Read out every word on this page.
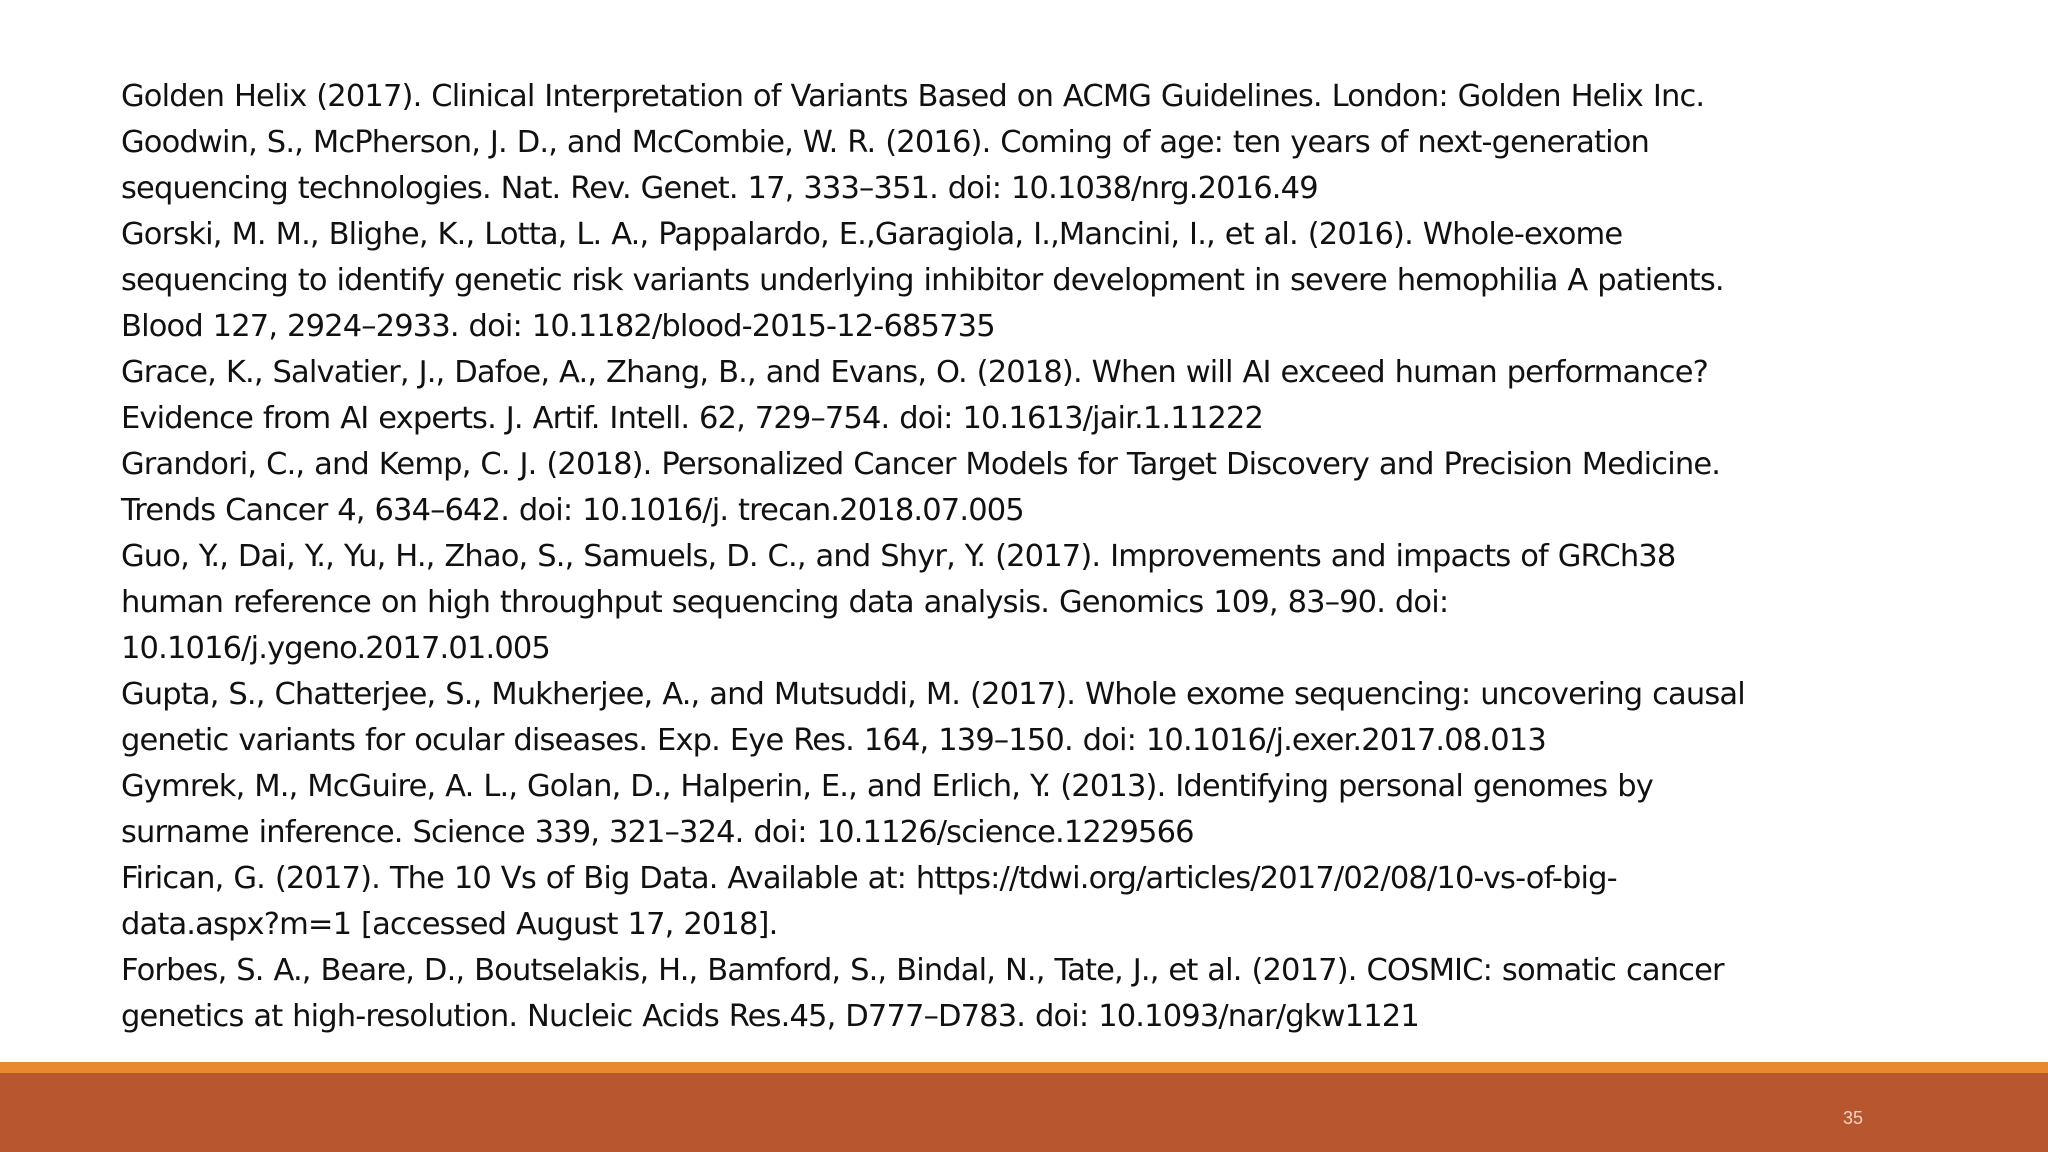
Golden Helix (2017). Clinical Interpretation of Variants Based on ACMG Guidelines. London: Golden Helix Inc.
Goodwin, S., McPherson, J. D., and McCombie, W. R. (2016). Coming of age: ten years of next-generation
sequencing technologies. Nat. Rev. Genet. 17, 333–351. doi: 10.1038/nrg.2016.49
Gorski, M. M., Blighe, K., Lotta, L. A., Pappalardo, E.,Garagiola, I.,Mancini, I., et al. (2016). Whole-exome
sequencing to identify genetic risk variants underlying inhibitor development in severe hemophilia A patients.
Blood 127, 2924–2933. doi: 10.1182/blood-2015-12-685735
Grace, K., Salvatier, J., Dafoe, A., Zhang, B., and Evans, O. (2018). When will AI exceed human performance?
Evidence from AI experts. J. Artif. Intell. 62, 729–754. doi: 10.1613/jair.1.11222
Grandori, C., and Kemp, C. J. (2018). Personalized Cancer Models for Target Discovery and Precision Medicine.
Trends Cancer 4, 634–642. doi: 10.1016/j. trecan.2018.07.005
Guo, Y., Dai, Y., Yu, H., Zhao, S., Samuels, D. C., and Shyr, Y. (2017). Improvements and impacts of GRCh38
human reference on high throughput sequencing data analysis. Genomics 109, 83–90. doi:
10.1016/j.ygeno.2017.01.005
Gupta, S., Chatterjee, S., Mukherjee, A., and Mutsuddi, M. (2017). Whole exome sequencing: uncovering causal
genetic variants for ocular diseases. Exp. Eye Res. 164, 139–150. doi: 10.1016/j.exer.2017.08.013
Gymrek, M., McGuire, A. L., Golan, D., Halperin, E., and Erlich, Y. (2013). Identifying personal genomes by
surname inference. Science 339, 321–324. doi: 10.1126/science.1229566
Firican, G. (2017). The 10 Vs of Big Data. Available at: https://tdwi.org/articles/2017/02/08/10-vs-of-big-
data.aspx?m=1 [accessed August 17, 2018].
Forbes, S. A., Beare, D., Boutselakis, H., Bamford, S., Bindal, N., Tate, J., et al. (2017). COSMIC: somatic cancer
genetics at high-resolution. Nucleic Acids Res.45, D777–D783. doi: 10.1093/nar/gkw1121
35
